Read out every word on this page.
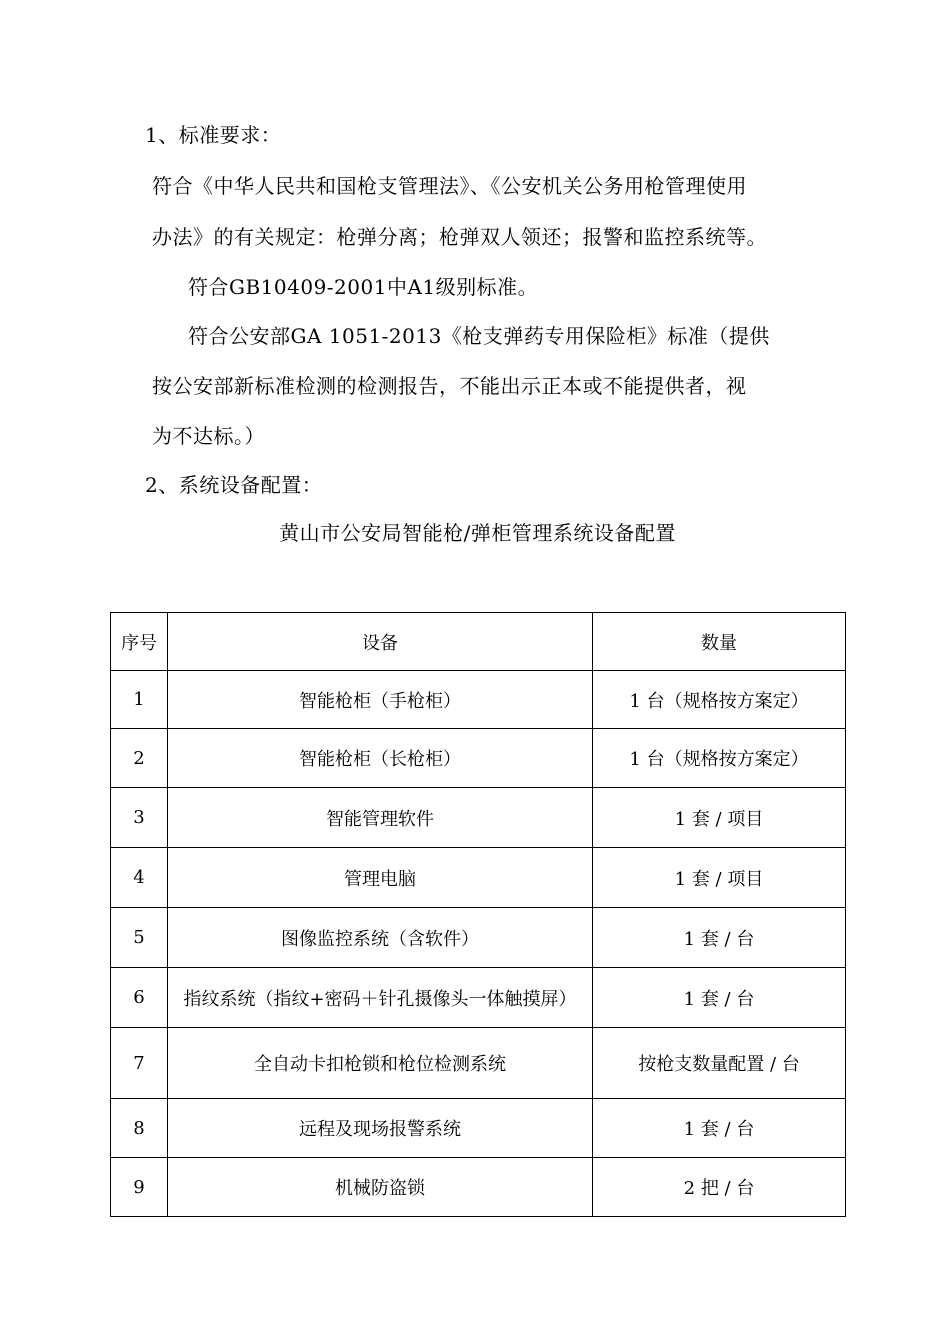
1、标准要求：
符合《中华人民共和国枪支管理法》、《公安机关公务用枪管理使用
办法》的有关规定：枪弹分离；枪弹双人领还；报警和监控系统等。
符合GB10409-2001中A1级别标准。
符合公安部GA 1051-2013《枪支弹药专用保险柜》标准（提供
按公安部新标准检测的检测报告，不能出示正本或不能提供者，视
为不达标。）
2、系统设备配置：
黄山市公安局智能枪/弹柜管理系统设备配置
序号	设备	数量
1	智能枪柜（手枪柜）	1 台（规格按方案定）
2	智能枪柜（长枪柜）	1 台（规格按方案定）
3	智能管理软件	1 套 / 项目
4	管理电脑	1 套 / 项目
5	图像监控系统（含软件）	1 套 / 台
6	指纹系统（指纹+密码＋针孔摄像头一体触摸屏）	1 套 / 台
7	全自动卡扣枪锁和枪位检测系统	按枪支数量配置 / 台
8	远程及现场报警系统	1 套 / 台
9	机械防盗锁	2 把 / 台
